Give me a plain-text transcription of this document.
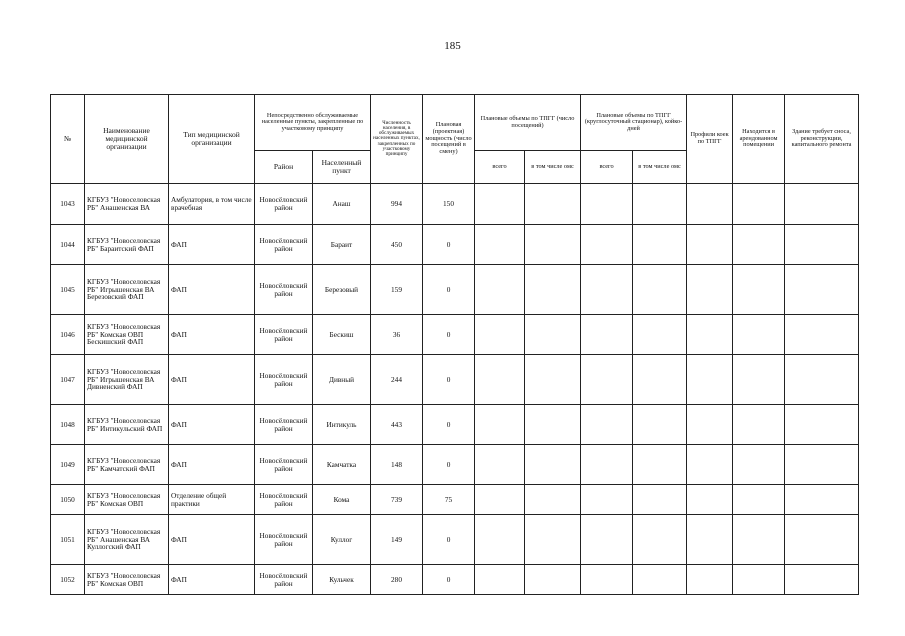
185
№	Наименование медицинской организации	Тип медицинской организации	Непосредственно обслуживаемые населенные пункты, закрепленные по участковому принципу		Численность населения, в обслуживаемых населенных пунктах, закрепленных по участковому принципу	Плановая (проектная) мощность (число посещений в смену)	Плановые объемы по ТПГГ (число посещений)		Плановые объемы по ТПГГ (круглосуточный стационар), койко-дней		Профили коек по ТПГГ	Находится в арендованном помещении	Здание требует сноса, реконструкции, капитального ремонта
			Район	Населенный пункт			всего	в том числе омс	всего	в том числе омс			
1043	КГБУЗ "Новоселовская РБ" Анашенская ВА	Амбулатория, в том числе врачебная	Новосёловский район	Анаш	994	150							
1044	КГБУЗ "Новоселовская РБ" Бараитский ФАП	ФАП	Новосёловский район	Бараит	450	0							
1045	КГБУЗ "Новоселовская РБ" Игрышенская ВА Березовский ФАП	ФАП	Новосёловский район	Березовый	159	0							
1046	КГБУЗ "Новоселовская РБ" Комская ОВП Бескишский ФАП	ФАП	Новосёловский район	Бескиш	36	0							
1047	КГБУЗ "Новоселовская РБ" Игрышенская ВА Дивненский ФАП	ФАП	Новосёловский район	Дивный	244	0							
1048	КГБУЗ "Новоселовская РБ" Интикульский ФАП	ФАП	Новосёловский район	Интикуль	443	0							
1049	КГБУЗ "Новоселовская РБ" Камчатский ФАП	ФАП	Новосёловский район	Камчатка	148	0							
1050	КГБУЗ "Новоселовская РБ" Комская ОВП	Отделение общей практики	Новосёловский район	Кома	739	75							
1051	КГБУЗ "Новоселовская РБ" Анашенская ВА Куллогский ФАП	ФАП	Новосёловский район	Куллог	149	0							
1052	КГБУЗ "Новоселовская РБ" Комская ОВП	ФАП	Новосёловский район	Кульчек	280	0							
